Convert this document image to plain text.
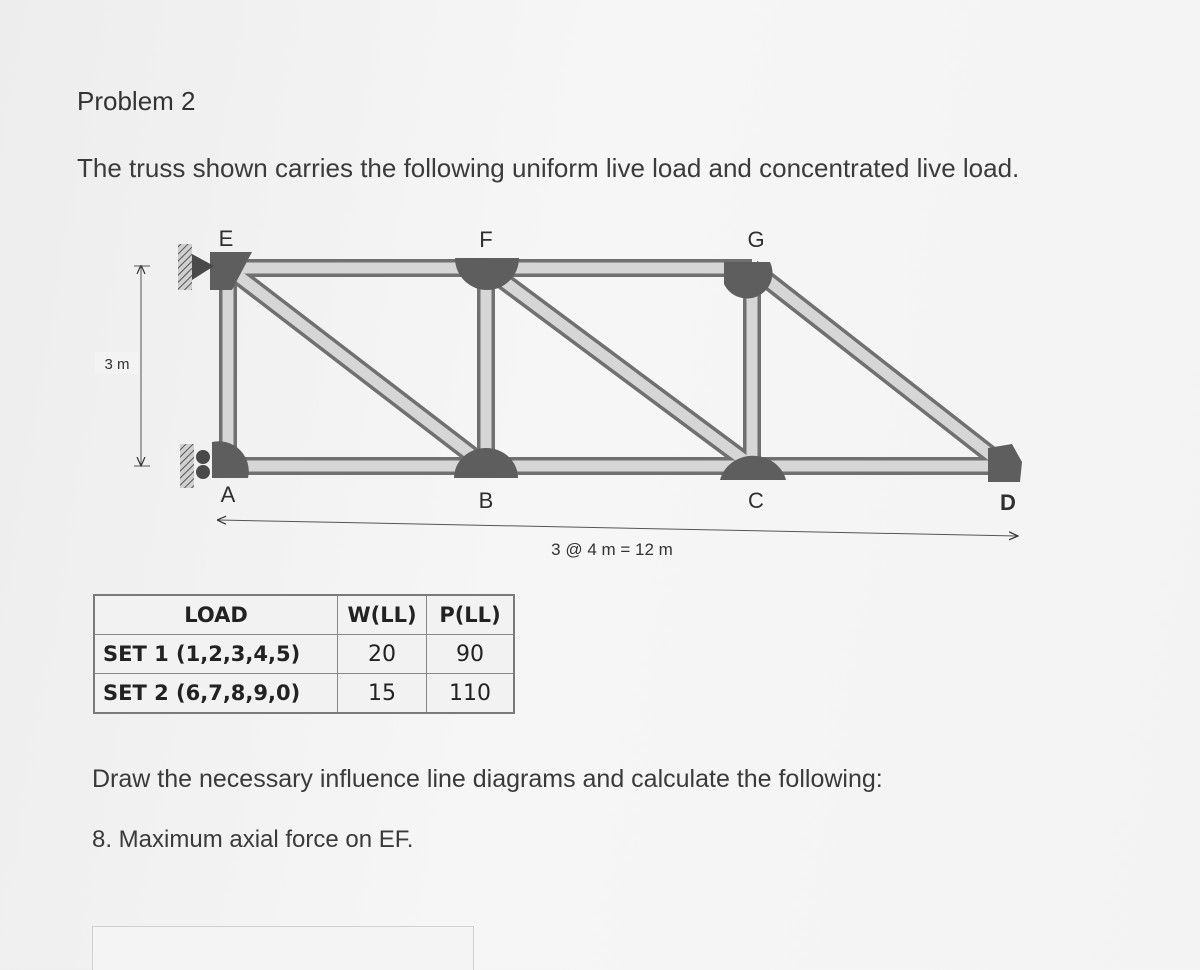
Problem 2
The truss shown carries the following uniform live load and concentrated live load.
3 m
3 @ 4 m = 12 m
E	F	G
A	B	C	D
LOAD	W(LL)	P(LL)
SET 1 (1,2,3,4,5)	20	90
SET 2 (6,7,8,9,0)	15	110
Draw the necessary influence line diagrams and calculate the following:
8. Maximum axial force on EF.
